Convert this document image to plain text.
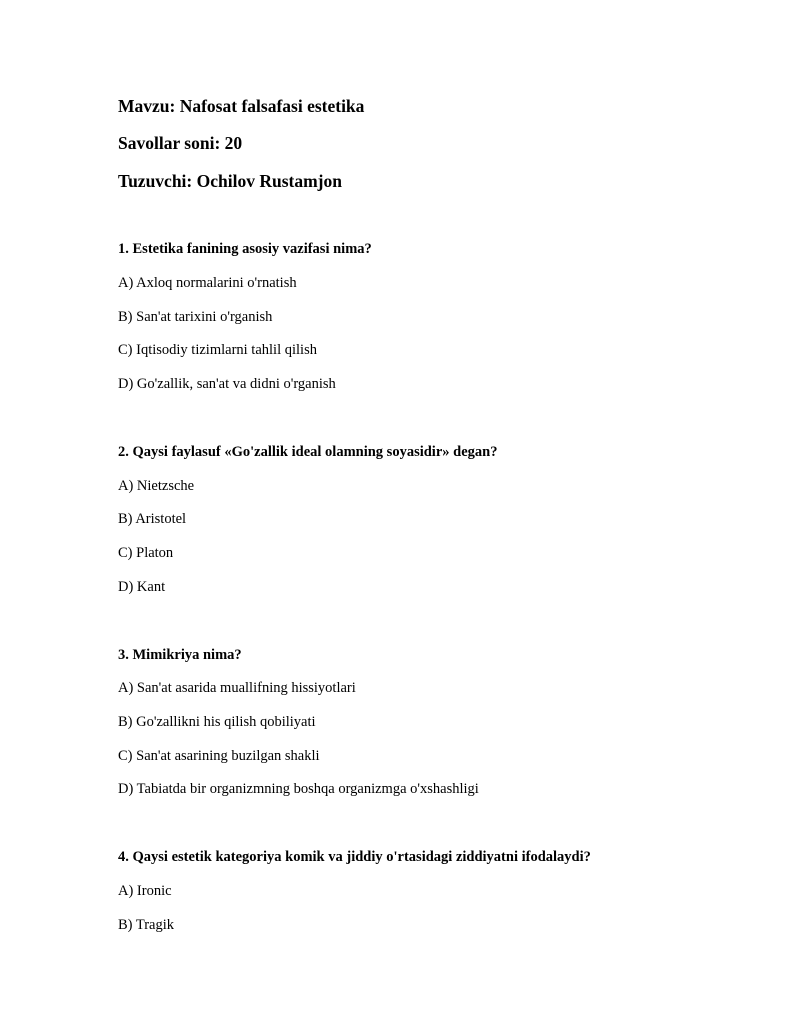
Mavzu: Nafosat falsafasi estetika
Savollar soni: 20
Tuzuvchi: Ochilov Rustamjon
1. Estetika fanining asosiy vazifasi nima?
A) Axloq normalarini o'rnatish
B) San'at tarixini o'rganish
C) Iqtisodiy tizimlarni tahlil qilish
D) Go'zallik, san'at va didni o'rganish
2. Qaysi faylasuf «Go'zallik ideal olamning soyasidir» degan?
A) Nietzsche
B) Aristotel
C) Platon
D) Kant
3. Mimikriya nima?
A) San'at asarida muallifning hissiyotlari
B) Go'zallikni his qilish qobiliyati
C) San'at asarining buzilgan shakli
D) Tabiatda bir organizmning boshqa organizmga o'xshashligi
4. Qaysi estetik kategoriya komik va jiddiy o'rtasidagi ziddiyatni ifodalaydi?
A) Ironic
B) Tragik
